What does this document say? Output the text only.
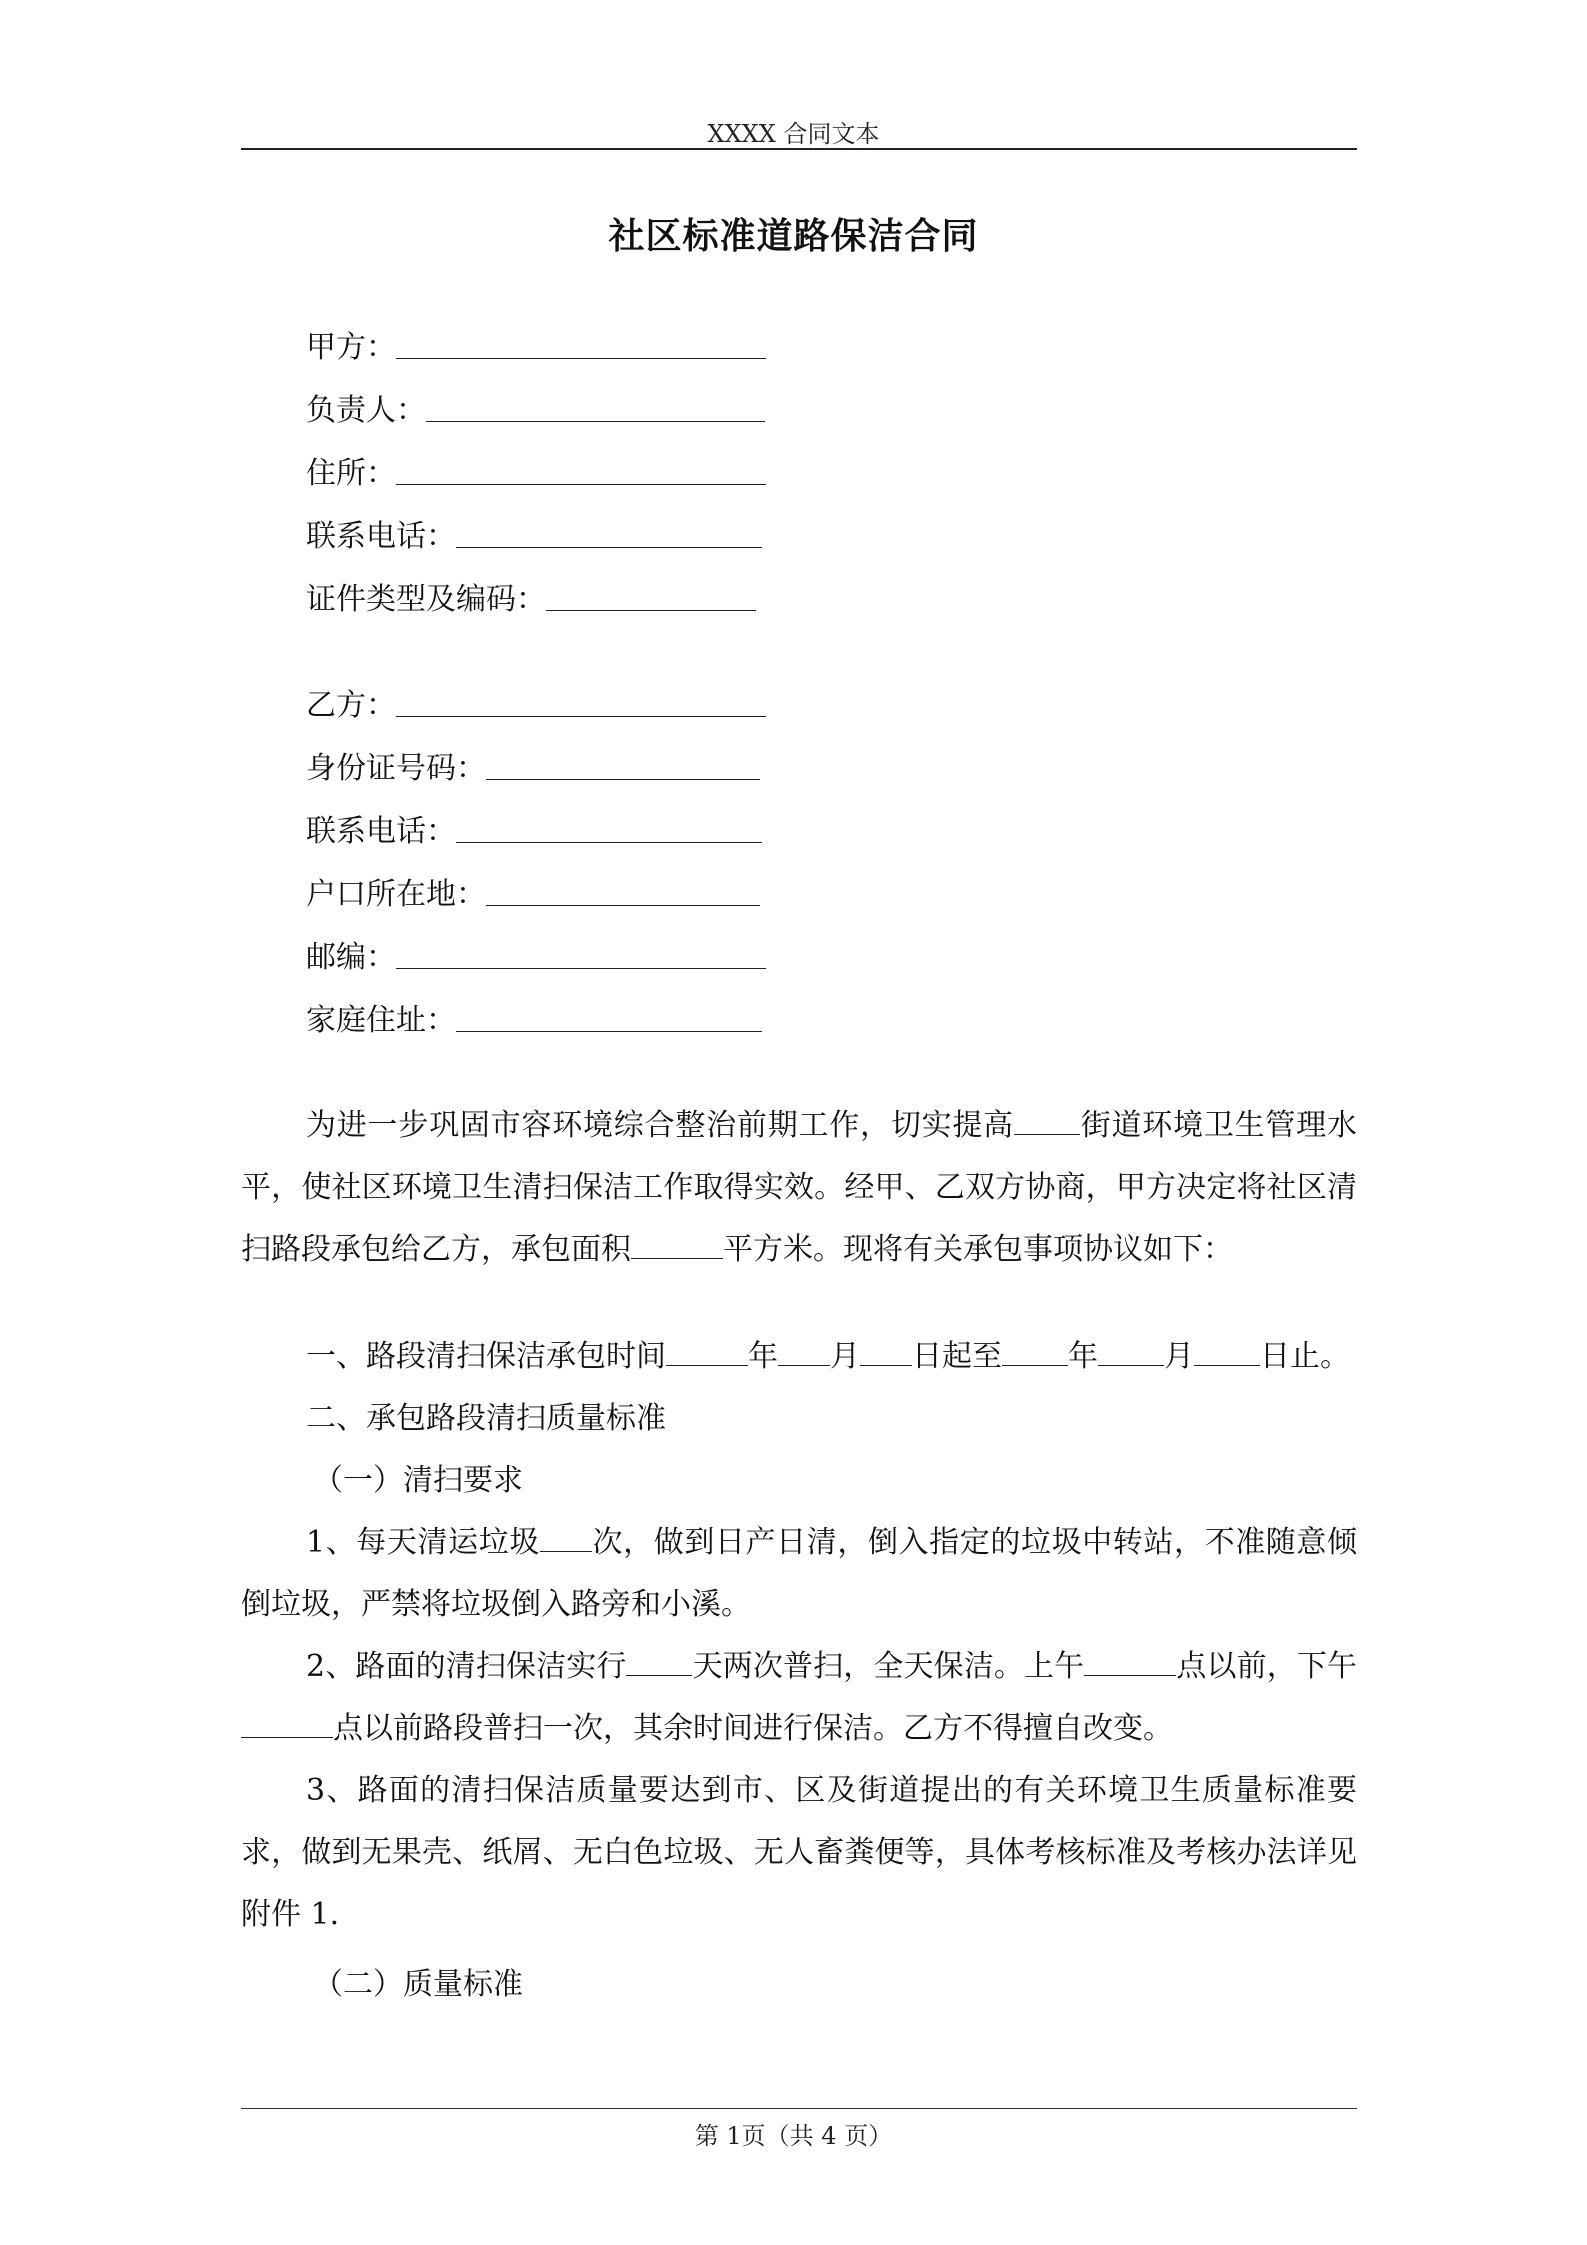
XXXX 合同文本
社区标准道路保洁合同
甲方：
负责人：
住所：
联系电话：
证件类型及编码：
乙方：
身份证号码：
联系电话：
户口所在地：
邮编：
家庭住址：

为进一步巩固市容环境综合整治前期工作，切实提高 街道环境卫生管理水平，使社区环境卫生清扫保洁工作取得实效。经甲、乙双方协商，甲方决定将社区清扫路段承包给乙方，承包面积	平方米。现将有关承包事项协议如下：

一、路段清扫保洁承包时间	年 月 日起至 年 月 日止。
二、承包路段清扫质量标准
（一）清扫要求

1、每天清运垃圾 次，做到日产日清，倒入指定的垃圾中转站，不准随意倾倒垃圾，严禁将垃圾倒入路旁和小溪。

2、路面的清扫保洁实行 天两次普扫，全天保洁。上午	点以前，下午点以前路段普扫一次，其余时间进行保洁。乙方不得擅自改变。

3、路面的清扫保洁质量要达到市、区及街道提出的有关环境卫生质量标准要求，做到无果壳、纸屑、无白色垃圾、无人畜粪便等，具体考核标准及考核办法详见附件 1.

（二）质量标准
第 1页（共 4 页）
